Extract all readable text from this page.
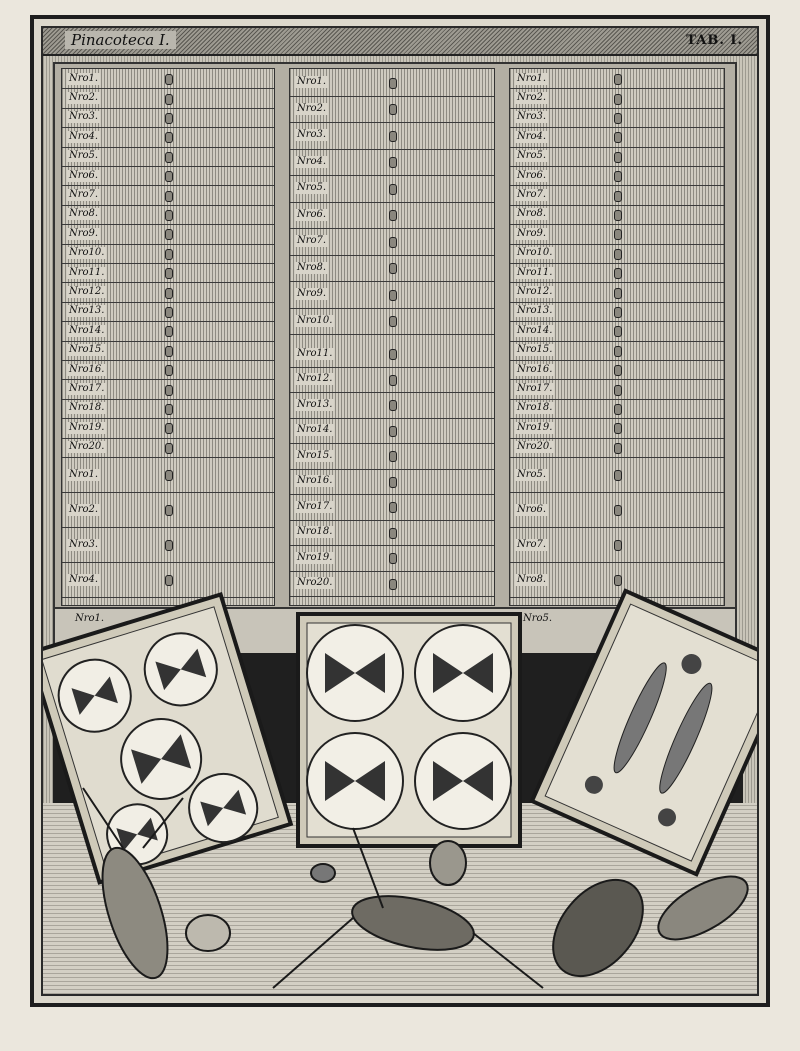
Pinacoteca I.	TAB. I.
Nro1.
Nro2.
Nro3.
Nro4.
Nro5.
Nro6.
Nro7.
Nro8.
Nro9.
Nro10.
Nro11.
Nro12.
Nro13.
Nro14.
Nro15.
Nro16.
Nro17.
Nro18.
Nro19.
Nro20.
Nro1.
Nro2.
Nro3.
Nro4.
Nro1.
Nro2.
Nro3.
Nro4.
Nro5.
Nro6.
Nro7.
Nro8.
Nro9.
Nro10.
Nro11.
Nro12.
Nro13.
Nro14.
Nro15.
Nro16.
Nro17.
Nro18.
Nro19.
Nro20.
Nro1.
Nro2.
Nro3.
Nro4.
Nro5.
Nro6.
Nro7.
Nro8.
Nro9.
Nro10.
Nro11.
Nro12.
Nro13.
Nro14.
Nro15.
Nro16.
Nro17.
Nro18.
Nro19.
Nro20.
Nro5.
Nro6.
Nro7.
Nro8.
Nro1.	Nro5.
